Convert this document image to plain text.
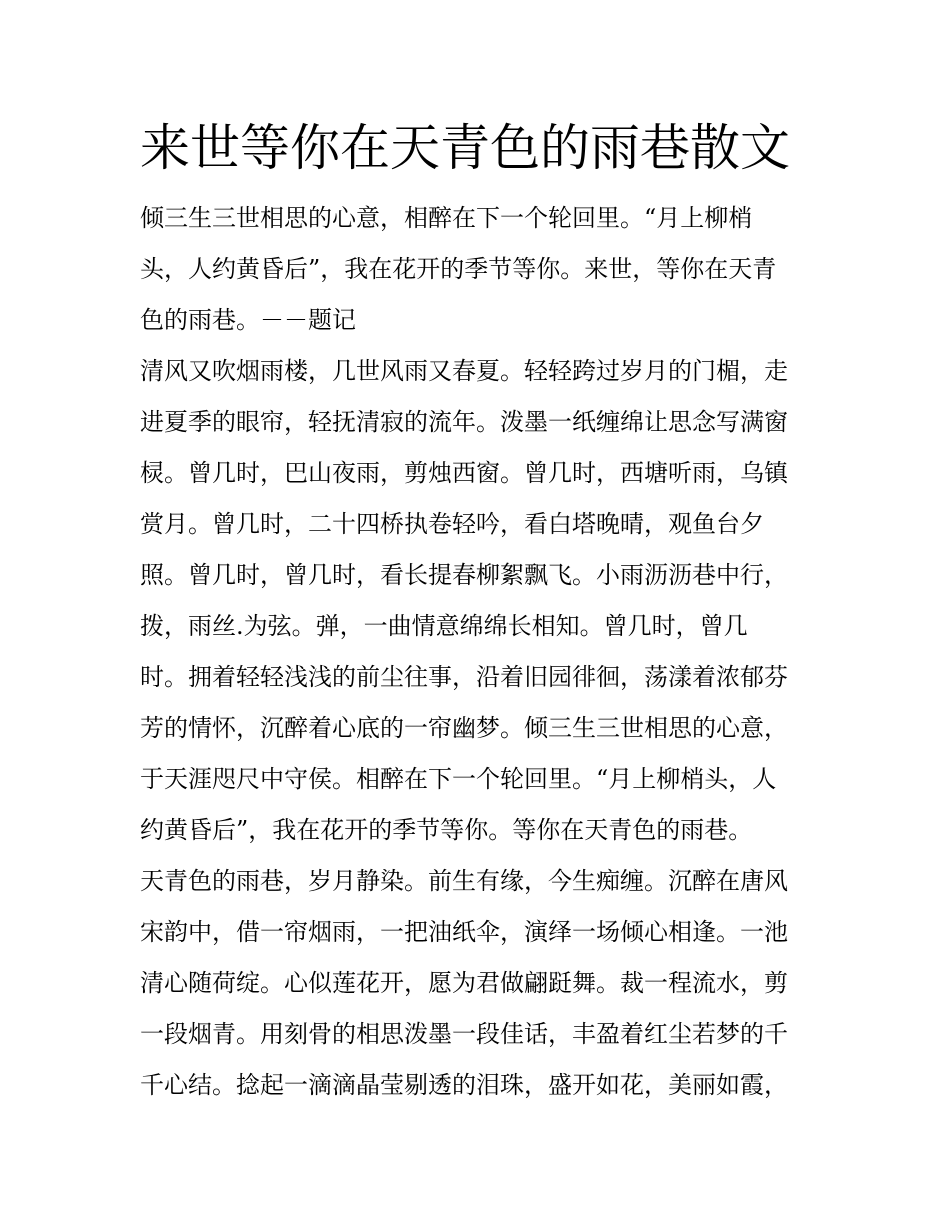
来世等你在天青色的雨巷散文

倾三生三世相思的心意，相醉在下一个轮回里。“月上柳梢
头，人约黄昏后”，我在花开的季节等你。来世，等你在天青
色的雨巷。－－题记

清风又吹烟雨楼，几世风雨又春夏。轻轻跨过岁月的门楣，走
进夏季的眼帘，轻抚清寂的流年。泼墨一纸缠绵让思念写满窗
棂。曾几时，巴山夜雨，剪烛西窗。曾几时，西塘听雨，乌镇
赏月。曾几时，二十四桥执卷轻吟，看白塔晚晴，观鱼台夕
照。曾几时，曾几时，看长提春柳絮飘飞。小雨沥沥巷中行，
拨，雨丝.为弦。弹，一曲情意绵绵长相知。曾几时，曾几
时。拥着轻轻浅浅的前尘往事，沿着旧园徘徊，荡漾着浓郁芬
芳的情怀，沉醉着心底的一帘幽梦。倾三生三世相思的心意，
于天涯咫尺中守侯。相醉在下一个轮回里。“月上柳梢头，人
约黄昏后”，我在花开的季节等你。等你在天青色的雨巷。

天青色的雨巷，岁月静染。前生有缘，今生痴缠。沉醉在唐风
宋韵中，借一帘烟雨，一把油纸伞，演绎一场倾心相逢。一池
清心随荷绽。心似莲花开，愿为君做翩跹舞。裁一程流水，剪
一段烟青。用刻骨的相思泼墨一段佳话，丰盈着红尘若梦的千
千心结。捻起一滴滴晶莹剔透的泪珠，盛开如花，美丽如霞，
